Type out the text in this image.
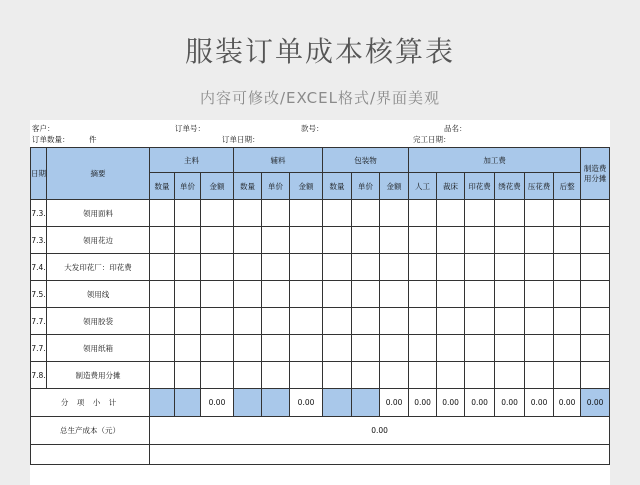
服装订单成本核算表
内容可修改/EXCEL格式/界面美观
客户：	订单号：	款号：	品名：
订单数量：	件	订单日期：	完工日期：
日期	摘要	主料			辅料			包装物			加工费						制造费用分摊
		数量	单价	金额	数量	单价	金额	数量	单价	金额	人工	裁床	印花费	绣花费	压花费	后整	
7.3.	领用面料																
7.3.	领用花边																
7.4.	大发印花厂：印花费																
7.5.	领用线																
7.7.	领用胶袋																
7.7.	领用纸箱																
7.8.	制造费用分摊																
分 项 小 计				0.00			0.00			0.00	0.00	0.00	0.00	0.00	0.00	0.00	0.00
总生产成本（元）		0.00															
